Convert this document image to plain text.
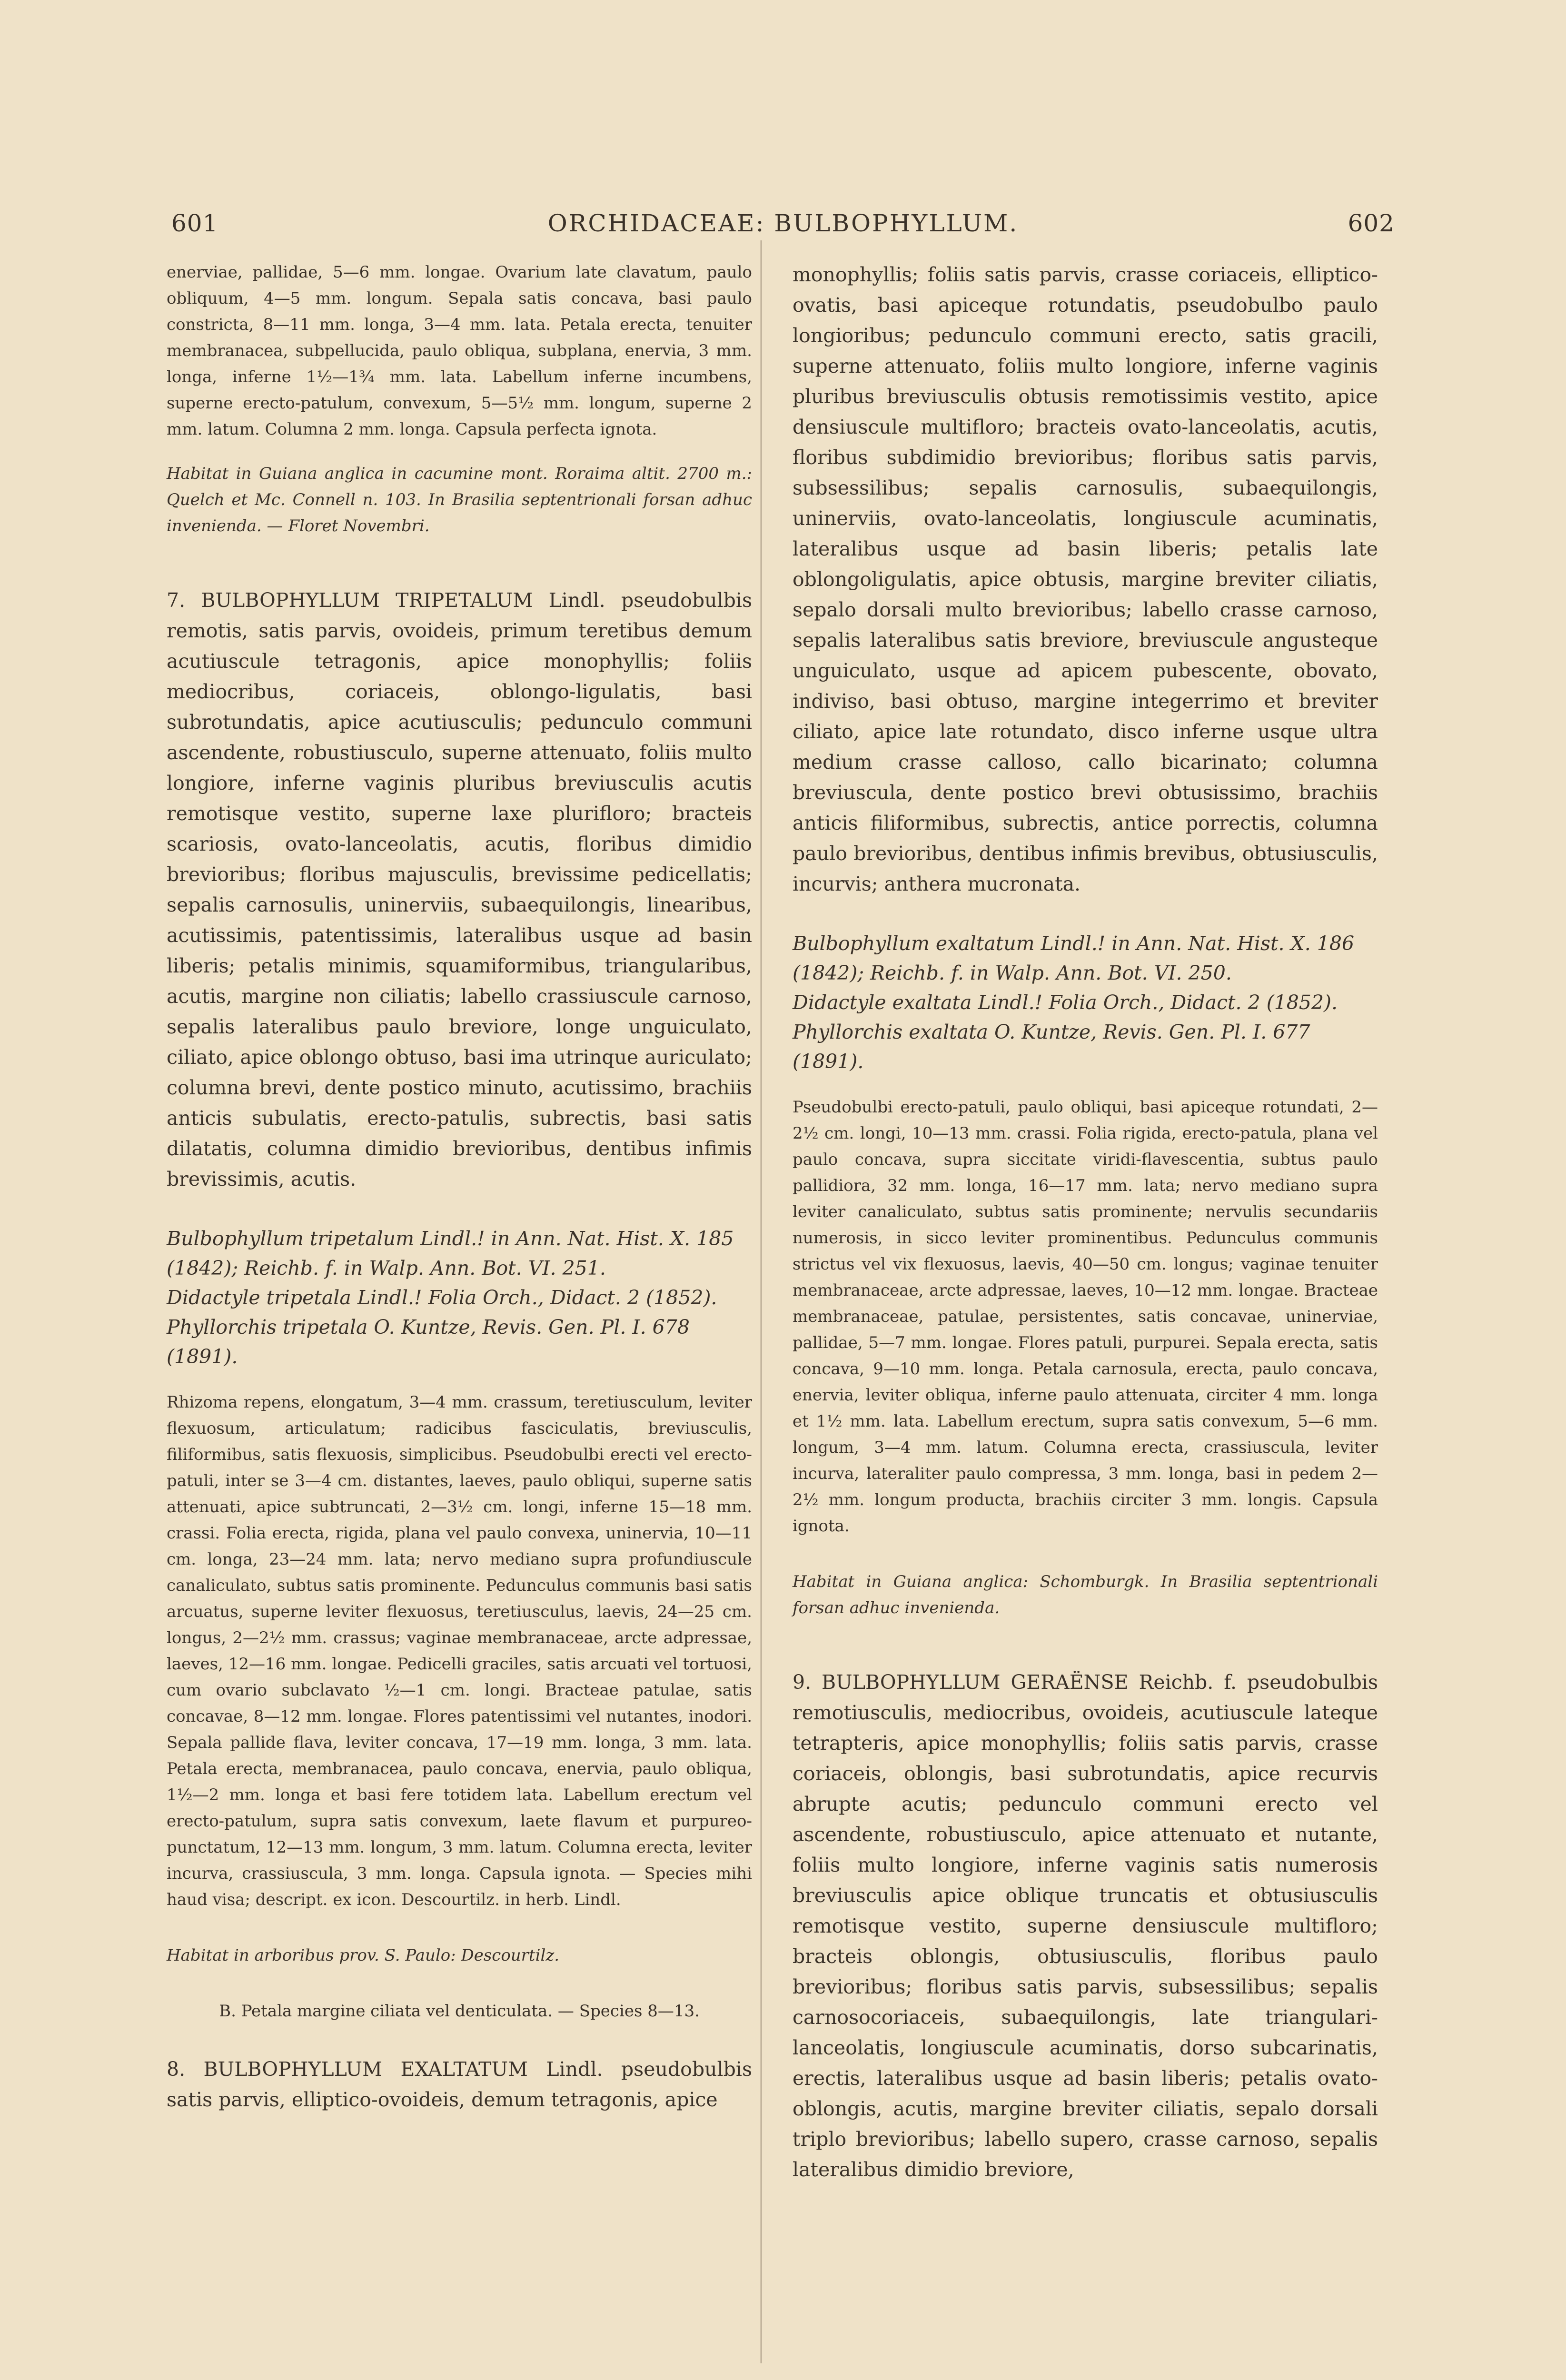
601	ORCHIDACEAE: BULBOPHYLLUM.	602

enerviae, pallidae, 5—6 mm. longae. Ovarium late clavatum, paulo obliquum, 4—5 mm. longum. Sepala satis concava, basi paulo constricta, 8—11 mm. longa, 3—4 mm. lata. Petala erecta, tenuiter membranacea, subpellucida, paulo obliqua, subplana, enervia, 3 mm. longa, inferne 1½—1¾ mm. lata. Labellum inferne incumbens, superne erecto-patulum, convexum, 5—5½ mm. longum, superne 2 mm. latum. Columna 2 mm. longa. Capsula perfecta ignota.

Habitat in Guiana anglica in cacumine mont. Roraima altit. 2700 m.: Quelch et Mc. Connell n. 103. In Brasilia septentrionali forsan adhuc invenienda. — Floret Novembri.

7. BULBOPHYLLUM TRIPETALUM Lindl. pseudobulbis remotis, satis parvis, ovoideis, primum teretibus demum acutiuscule tetragonis, apice monophyllis; foliis mediocribus, coriaceis, oblongo-ligulatis, basi subrotundatis, apice acutiusculis; pedunculo communi ascendente, robustiusculo, superne attenuato, foliis multo longiore, inferne vaginis pluribus breviusculis acutis remotisque vestito, superne laxe plurifloro; bracteis scariosis, ovato-lanceolatis, acutis, floribus dimidio brevioribus; floribus majusculis, brevissime pedicellatis; sepalis carnosulis, uninerviis, subaequilongis, linearibus, acutissimis, patentissimis, lateralibus usque ad basin liberis; petalis minimis, squamiformibus, triangularibus, acutis, margine non ciliatis; labello crassiuscule carnoso, sepalis lateralibus paulo breviore, longe unguiculato, ciliato, apice oblongo obtuso, basi ima utrinque auriculato; columna brevi, dente postico minuto, acutissimo, brachiis anticis subulatis, erecto-patulis, subrectis, basi satis dilatatis, columna dimidio brevioribus, dentibus infimis brevissimis, acutis.

Bulbophyllum tripetalum Lindl.! in Ann. Nat. Hist. X. 185 (1842); Reichb. f. in Walp. Ann. Bot. VI. 251.

Didactyle tripetala Lindl.! Folia Orch., Didact. 2 (1852).

Phyllorchis tripetala O. Kuntze, Revis. Gen. Pl. I. 678 (1891).

Rhizoma repens, elongatum, 3—4 mm. crassum, teretiusculum, leviter flexuosum, articulatum; radicibus fasciculatis, breviusculis, filiformibus, satis flexuosis, simplicibus. Pseudobulbi erecti vel erecto-patuli, inter se 3—4 cm. distantes, laeves, paulo obliqui, superne satis attenuati, apice subtruncati, 2—3½ cm. longi, inferne 15—18 mm. crassi. Folia erecta, rigida, plana vel paulo convexa, uninervia, 10—11 cm. longa, 23—24 mm. lata; nervo mediano supra profundiuscule canaliculato, subtus satis prominente. Pedunculus communis basi satis arcuatus, superne leviter flexuosus, teretiusculus, laevis, 24—25 cm. longus, 2—2½ mm. crassus; vaginae membranaceae, arcte adpressae, laeves, 12—16 mm. longae. Pedicelli graciles, satis arcuati vel tortuosi, cum ovario subclavato ½—1 cm. longi. Bracteae patulae, satis concavae, 8—12 mm. longae. Flores patentissimi vel nutantes, inodori. Sepala pallide flava, leviter concava, 17—19 mm. longa, 3 mm. lata. Petala erecta, membranacea, paulo concava, enervia, paulo obliqua, 1½—2 mm. longa et basi fere totidem lata. Labellum erectum vel erecto-patulum, supra satis convexum, laete flavum et purpureo-punctatum, 12—13 mm. longum, 3 mm. latum. Columna erecta, leviter incurva, crassiuscula, 3 mm. longa. Capsula ignota. — Species mihi haud visa; descript. ex icon. Descourtilz. in herb. Lindl.

Habitat in arboribus prov. S. Paulo: Descourtilz.

B. Petala margine ciliata vel denticulata. — Species 8—13.

8. BULBOPHYLLUM EXALTATUM Lindl. pseudobulbis satis parvis, elliptico-ovoideis, demum tetragonis, apice

monophyllis; foliis satis parvis, crasse coriaceis, elliptico-ovatis, basi apiceque rotundatis, pseudobulbo paulo longioribus; pedunculo communi erecto, satis gracili, superne attenuato, foliis multo longiore, inferne vaginis pluribus breviusculis obtusis remotissimis vestito, apice densiuscule multifloro; bracteis ovato-lanceolatis, acutis, floribus subdimidio brevioribus; floribus satis parvis, subsessilibus; sepalis carnosulis, subaequilongis, uninerviis, ovato-lanceolatis, longiuscule acuminatis, lateralibus usque ad basin liberis; petalis late oblongoligulatis, apice obtusis, margine breviter ciliatis, sepalo dorsali multo brevioribus; labello crasse carnoso, sepalis lateralibus satis breviore, breviuscule angusteque unguiculato, usque ad apicem pubescente, obovato, indiviso, basi obtuso, margine integerrimo et breviter ciliato, apice late rotundato, disco inferne usque ultra medium crasse calloso, callo bicarinato; columna breviuscula, dente postico brevi obtusissimo, brachiis anticis filiformibus, subrectis, antice porrectis, columna paulo brevioribus, dentibus infimis brevibus, obtusiusculis, incurvis; anthera mucronata.

Bulbophyllum exaltatum Lindl.! in Ann. Nat. Hist. X. 186 (1842); Reichb. f. in Walp. Ann. Bot. VI. 250.

Didactyle exaltata Lindl.! Folia Orch., Didact. 2 (1852).

Phyllorchis exaltata O. Kuntze, Revis. Gen. Pl. I. 677 (1891).

Pseudobulbi erecto-patuli, paulo obliqui, basi apiceque rotundati, 2—2½ cm. longi, 10—13 mm. crassi. Folia rigida, erecto-patula, plana vel paulo concava, supra siccitate viridi-flavescentia, subtus paulo pallidiora, 32 mm. longa, 16—17 mm. lata; nervo mediano supra leviter canaliculato, subtus satis prominente; nervulis secundariis numerosis, in sicco leviter prominentibus. Pedunculus communis strictus vel vix flexuosus, laevis, 40—50 cm. longus; vaginae tenuiter membranaceae, arcte adpressae, laeves, 10—12 mm. longae. Bracteae membranaceae, patulae, persistentes, satis concavae, uninerviae, pallidae, 5—7 mm. longae. Flores patuli, purpurei. Sepala erecta, satis concava, 9—10 mm. longa. Petala carnosula, erecta, paulo concava, enervia, leviter obliqua, inferne paulo attenuata, circiter 4 mm. longa et 1½ mm. lata. Labellum erectum, supra satis convexum, 5—6 mm. longum, 3—4 mm. latum. Columna erecta, crassiuscula, leviter incurva, lateraliter paulo compressa, 3 mm. longa, basi in pedem 2—2½ mm. longum producta, brachiis circiter 3 mm. longis. Capsula ignota.

Habitat in Guiana anglica: Schomburgk. In Brasilia septentrionali forsan adhuc invenienda.

9. BULBOPHYLLUM GERAËNSE Reichb. f. pseudobulbis remotiusculis, mediocribus, ovoideis, acutiuscule lateque tetrapteris, apice monophyllis; foliis satis parvis, crasse coriaceis, oblongis, basi subrotundatis, apice recurvis abrupte acutis; pedunculo communi erecto vel ascendente, robustiusculo, apice attenuato et nutante, foliis multo longiore, inferne vaginis satis numerosis breviusculis apice oblique truncatis et obtusiusculis remotisque vestito, superne densiuscule multifloro; bracteis oblongis, obtusiusculis, floribus paulo brevioribus; floribus satis parvis, subsessilibus; sepalis carnosocoriaceis, subaequilongis, late triangulari-lanceolatis, longiuscule acuminatis, dorso subcarinatis, erectis, lateralibus usque ad basin liberis; petalis ovato-oblongis, acutis, margine breviter ciliatis, sepalo dorsali triplo brevioribus; labello supero, crasse carnoso, sepalis lateralibus dimidio breviore,
